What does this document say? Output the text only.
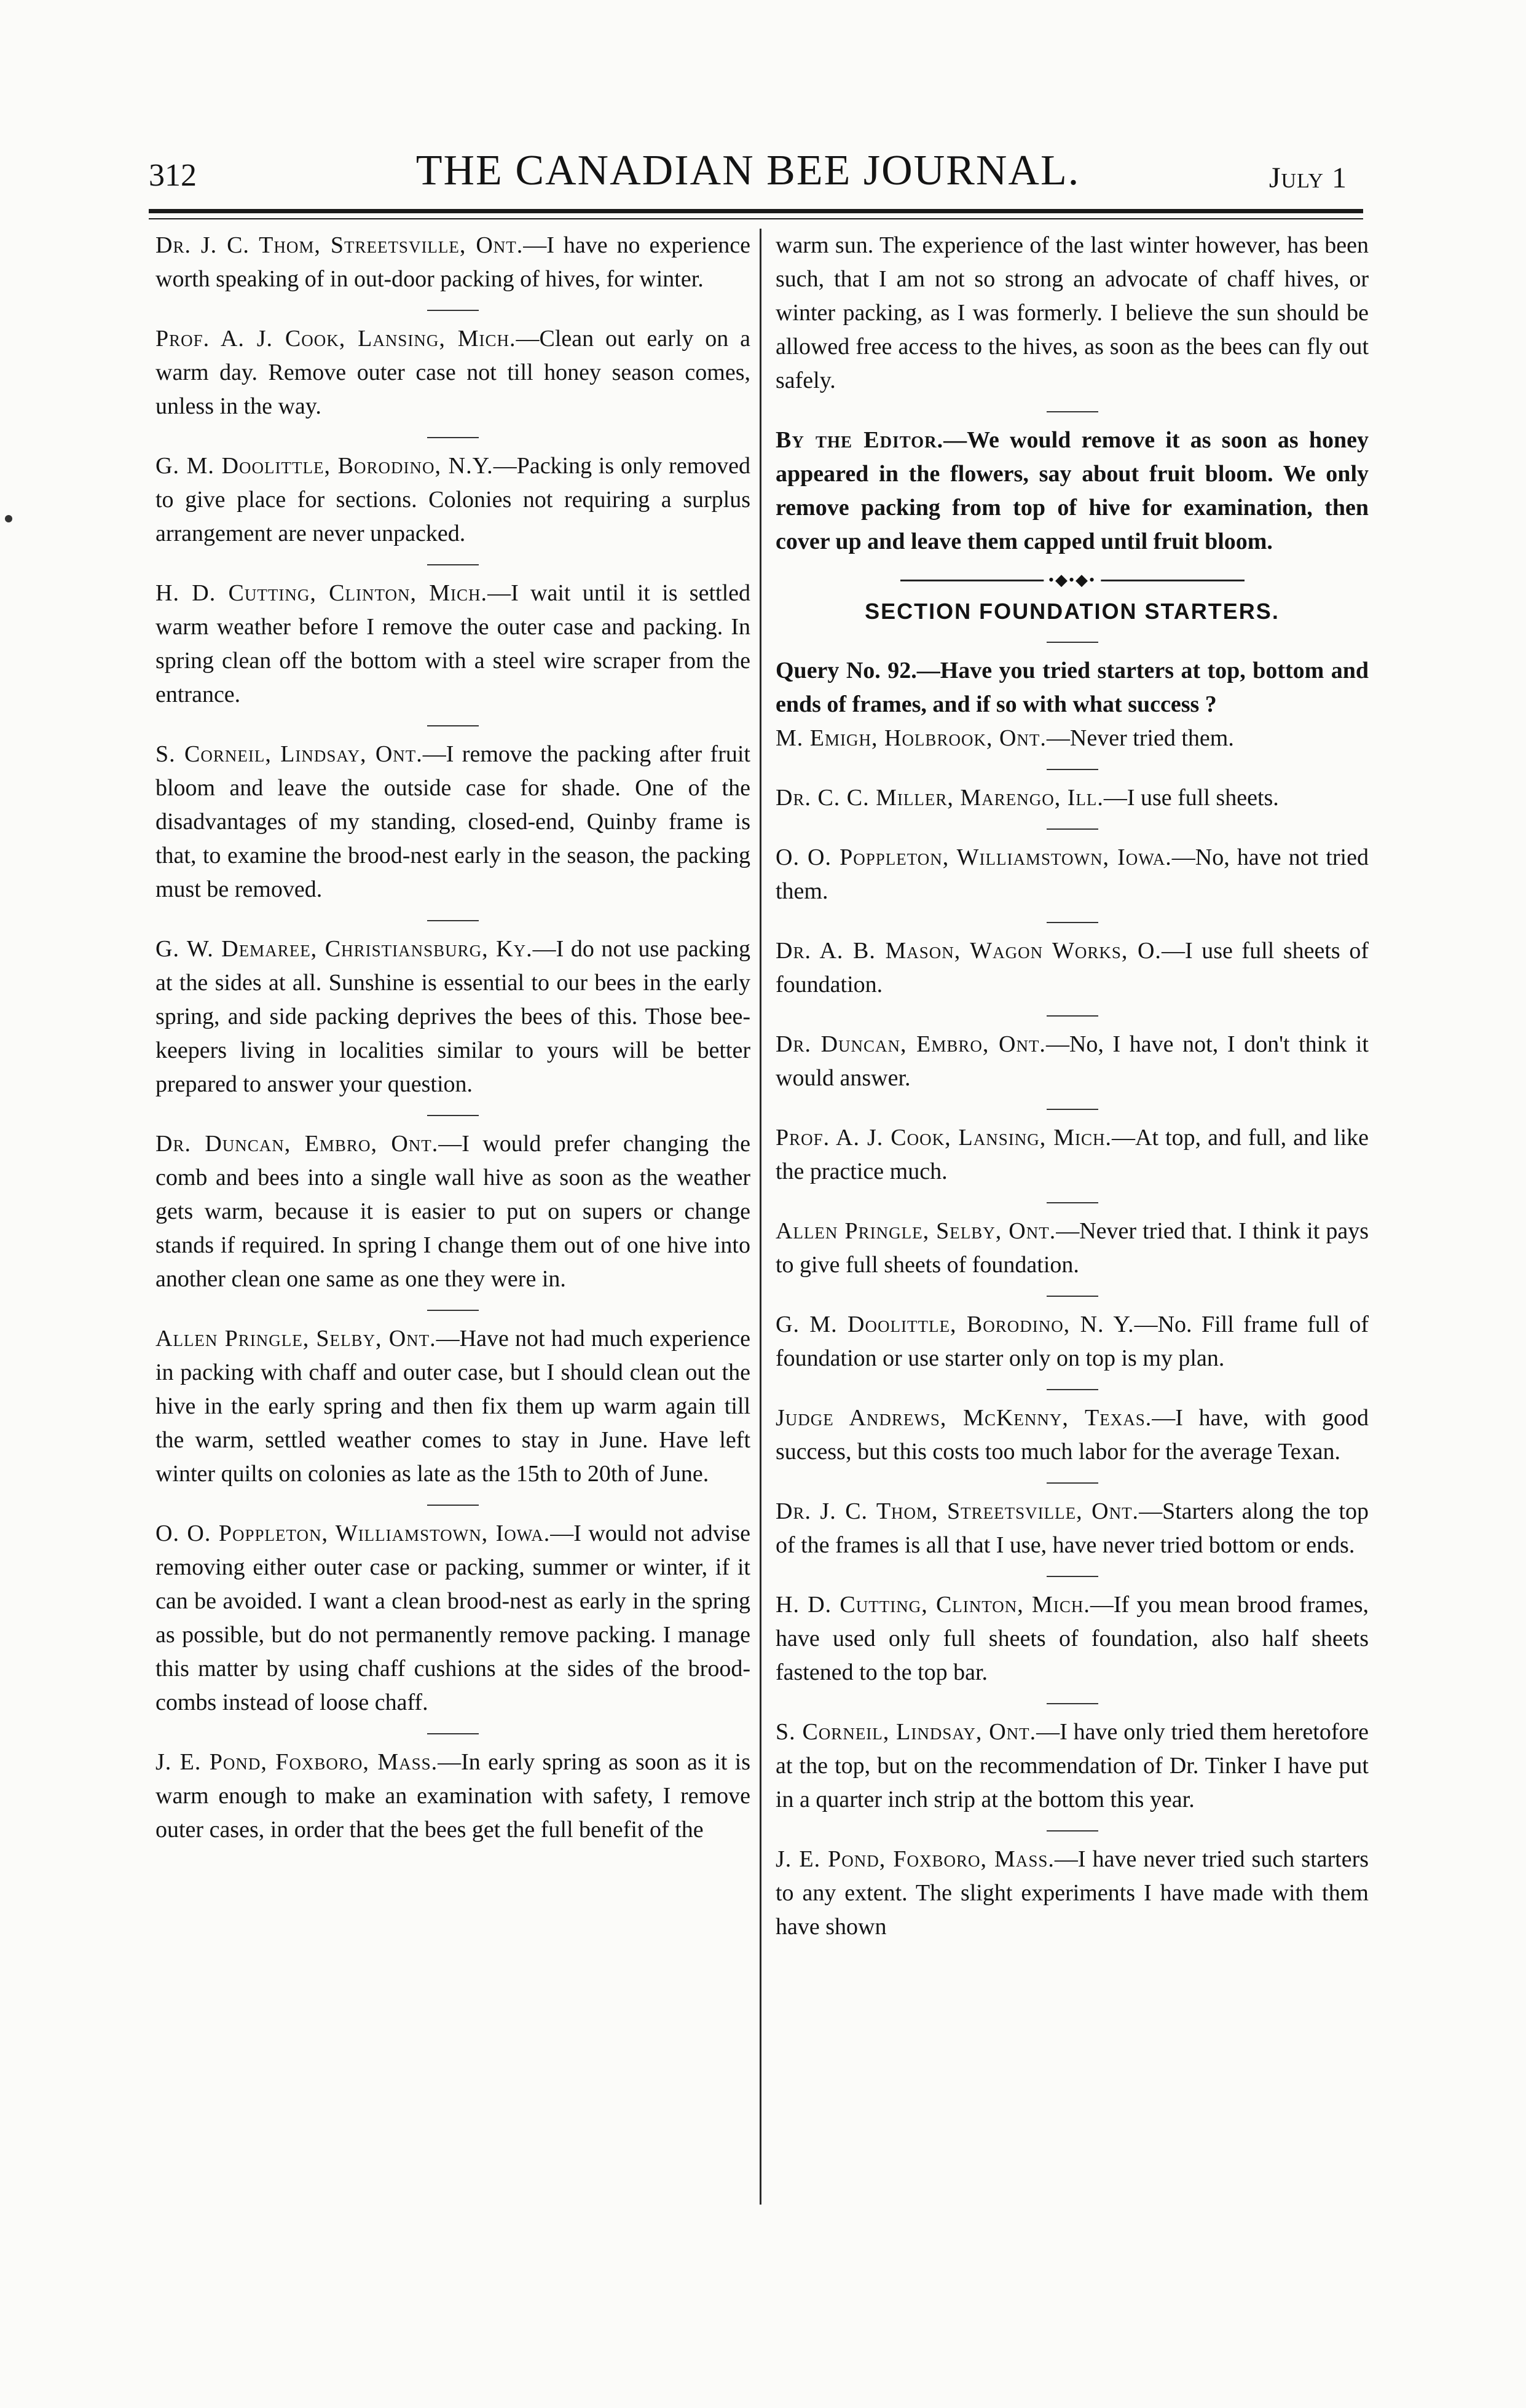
312	THE CANADIAN BEE JOURNAL.	July 1

Dr. J. C. Thom, Streetsville, Ont.—I have no experience worth speaking of in out-door packing of hives, for winter.

Prof. A. J. Cook, Lansing, Mich.—Clean out early on a warm day. Remove outer case not till honey season comes, unless in the way.

G. M. Doolittle, Borodino, N.Y.—Packing is only removed to give place for sections. Colonies not requiring a surplus arrangement are never unpacked.

H. D. Cutting, Clinton, Mich.—I wait until it is settled warm weather before I remove the outer case and packing. In spring clean off the bottom with a steel wire scraper from the entrance.

S. Corneil, Lindsay, Ont.—I remove the packing after fruit bloom and leave the outside case for shade. One of the disadvantages of my standing, closed-end, Quinby frame is that, to examine the brood-nest early in the season, the packing must be removed.

G. W. Demaree, Christiansburg, Ky.—I do not use packing at the sides at all. Sunshine is essential to our bees in the early spring, and side packing deprives the bees of this. Those bee-keepers living in localities similar to yours will be better prepared to answer your question.

Dr. Duncan, Embro, Ont.—I would prefer changing the comb and bees into a single wall hive as soon as the weather gets warm, because it is easier to put on supers or change stands if required. In spring I change them out of one hive into another clean one same as one they were in.

Allen Pringle, Selby, Ont.—Have not had much experience in packing with chaff and outer case, but I should clean out the hive in the early spring and then fix them up warm again till the warm, settled weather comes to stay in June. Have left winter quilts on colonies as late as the 15th to 20th of June.

O. O. Poppleton, Williamstown, Iowa.—I would not advise removing either outer case or packing, summer or winter, if it can be avoided. I want a clean brood-nest as early in the spring as possible, but do not permanently remove packing. I manage this matter by using chaff cushions at the sides of the brood-combs instead of loose chaff.

J. E. Pond, Foxboro, Mass.—In early spring as soon as it is warm enough to make an examination with safety, I remove outer cases, in order that the bees get the full benefit of the

warm sun. The experience of the last winter however, has been such, that I am not so strong an advocate of chaff hives, or winter packing, as I was formerly. I believe the sun should be allowed free access to the hives, as soon as the bees can fly out safely.

By the Editor.—We would remove it as soon as honey appeared in the flowers, say about fruit bloom. We only remove packing from top of hive for examination, then cover up and leave them capped until fruit bloom.

•◆•◆•

SECTION FOUNDATION STARTERS.

Query No. 92.—Have you tried starters at top, bottom and ends of frames, and if so with what success ?

M. Emigh, Holbrook, Ont.—Never tried them.

Dr. C. C. Miller, Marengo, Ill.—I use full sheets.

O. O. Poppleton, Williamstown, Iowa.—No, have not tried them.

Dr. A. B. Mason, Wagon Works, O.—I use full sheets of foundation.

Dr. Duncan, Embro, Ont.—No, I have not, I don't think it would answer.

Prof. A. J. Cook, Lansing, Mich.—At top, and full, and like the practice much.

Allen Pringle, Selby, Ont.—Never tried that. I think it pays to give full sheets of foundation.

G. M. Doolittle, Borodino, N. Y.—No. Fill frame full of foundation or use starter only on top is my plan.

Judge Andrews, McKenny, Texas.—I have, with good success, but this costs too much labor for the average Texan.

Dr. J. C. Thom, Streetsville, Ont.—Starters along the top of the frames is all that I use, have never tried bottom or ends.

H. D. Cutting, Clinton, Mich.—If you mean brood frames, have used only full sheets of foundation, also half sheets fastened to the top bar.

S. Corneil, Lindsay, Ont.—I have only tried them heretofore at the top, but on the recommendation of Dr. Tinker I have put in a quarter inch strip at the bottom this year.

J. E. Pond, Foxboro, Mass.—I have never tried such starters to any extent. The slight experiments I have made with them have shown
